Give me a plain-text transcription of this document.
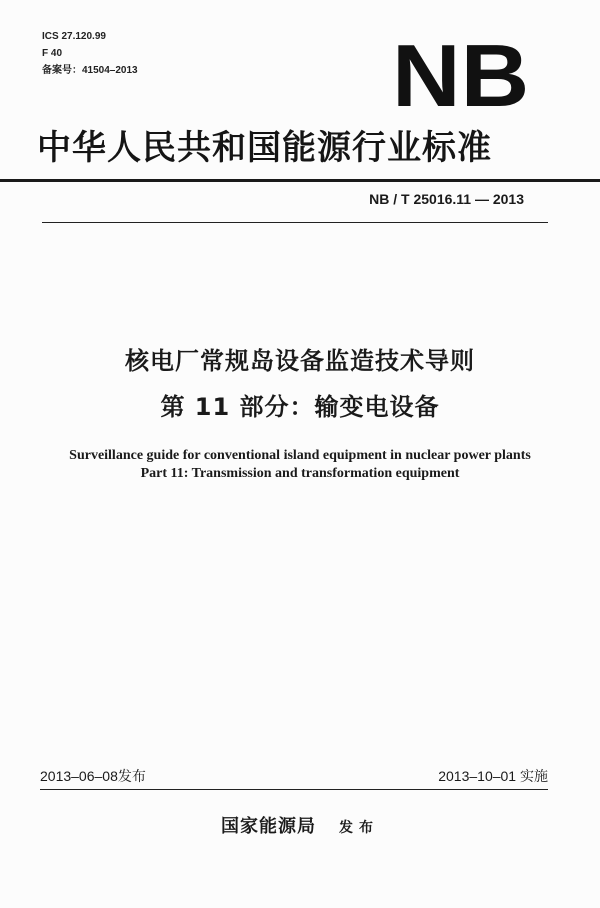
ICS 27.120.99
F 40
备案号：41504–2013	NB
中华人民共和国能源行业标准
NB / T 25016.11 — 2013
核电厂常规岛设备监造技术导则
第 11 部分：输变电设备
Surveillance guide for conventional island equipment in nuclear power plants
Part 11: Transmission and transformation equipment
2013–06–08发布	2013–10–01 实施
国家能源局 发布
